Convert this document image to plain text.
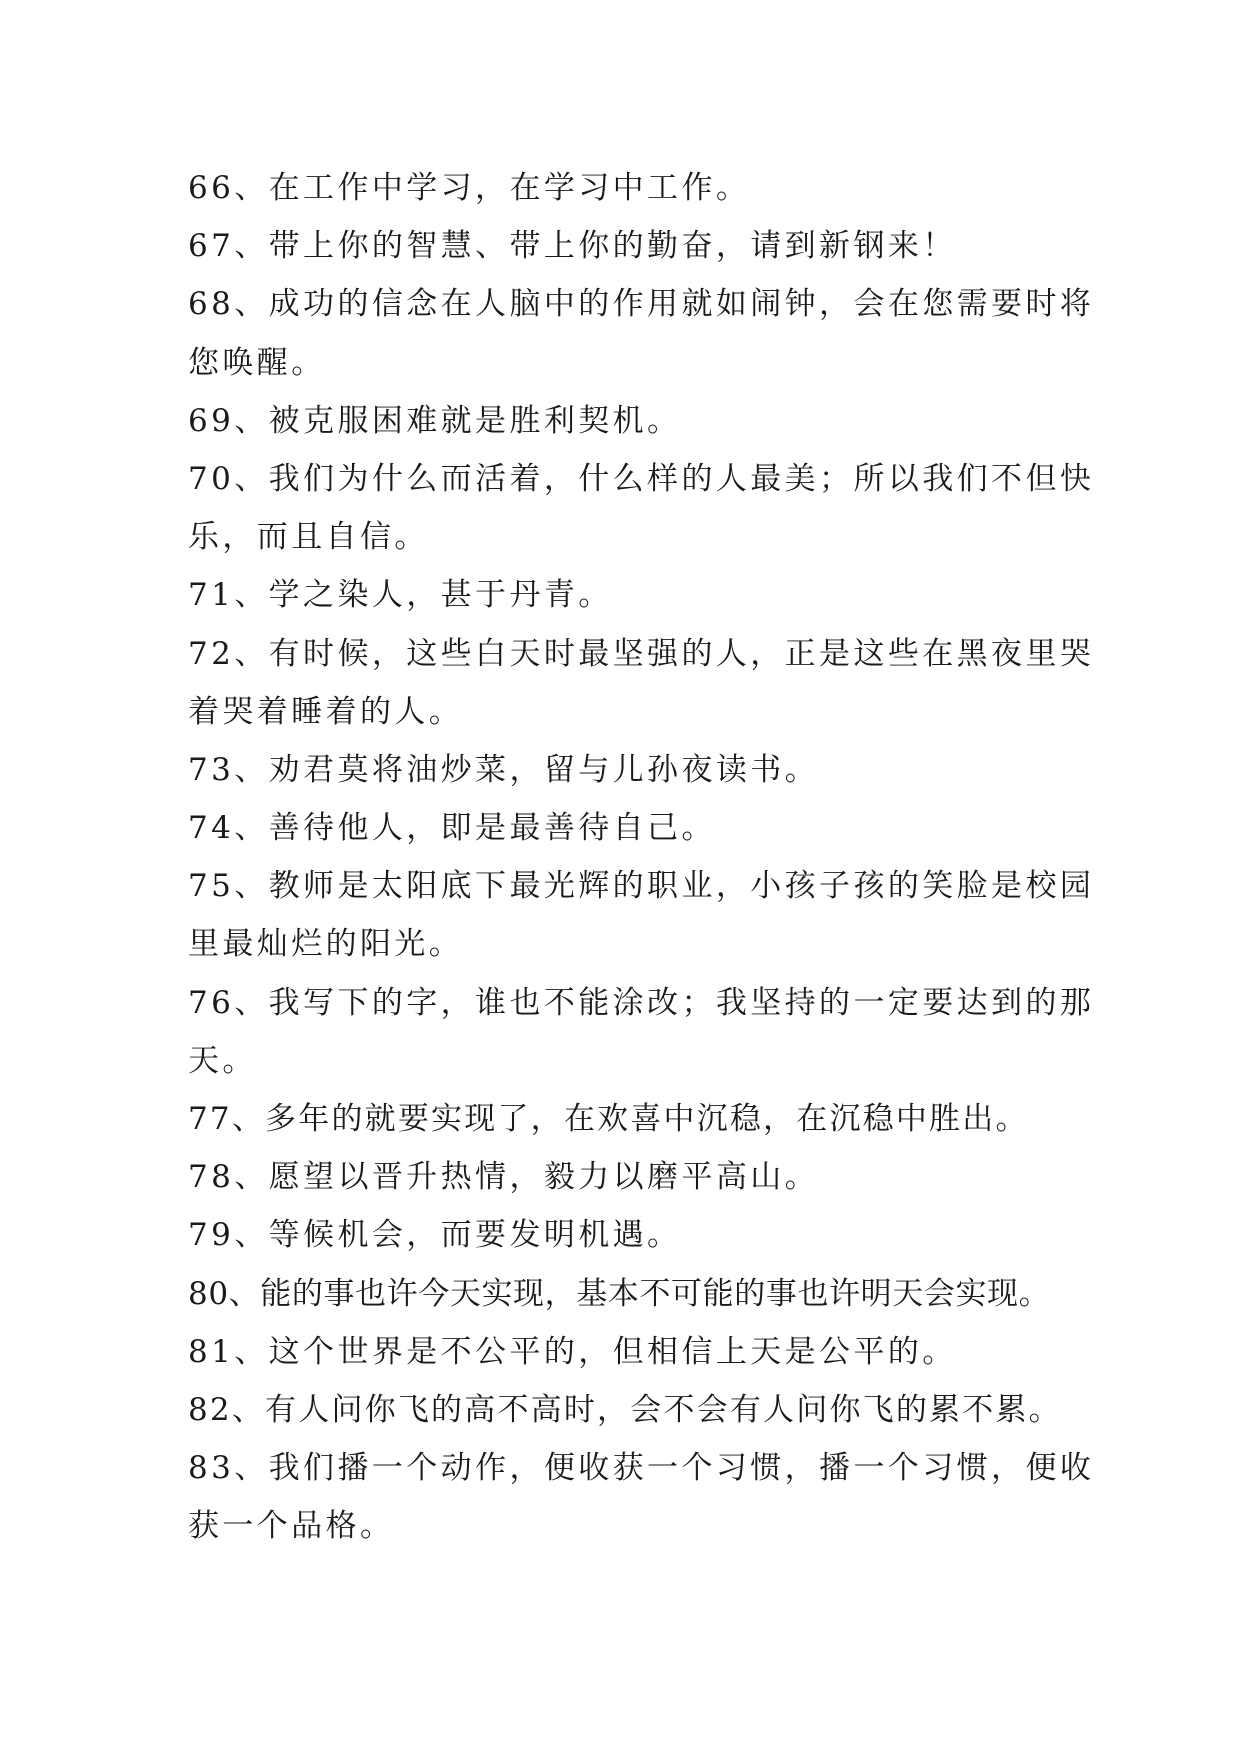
66、在工作中学习，在学习中工作。
67、带上你的智慧、带上你的勤奋，请到新钢来！
68、成功的信念在人脑中的作用就如闹钟，会在您需要时将
您唤醒。
69、被克服困难就是胜利契机。
70、我们为什么而活着，什么样的人最美；所以我们不但快
乐，而且自信。
71、学之染人，甚于丹青。
72、有时候，这些白天时最坚强的人，正是这些在黑夜里哭
着哭着睡着的人。
73、劝君莫将油炒菜，留与儿孙夜读书。
74、善待他人，即是最善待自己。
75、教师是太阳底下最光辉的职业，小孩子孩的笑脸是校园
里最灿烂的阳光。
76、我写下的字，谁也不能涂改；我坚持的一定要达到的那
天。
77、多年的就要实现了，在欢喜中沉稳，在沉稳中胜出。
78、愿望以晋升热情，毅力以磨平高山。
79、等候机会，而要发明机遇。
80、能的事也许今天实现，基本不可能的事也许明天会实现。
81、这个世界是不公平的，但相信上天是公平的。
82、有人问你飞的高不高时，会不会有人问你飞的累不累。
83、我们播一个动作，便收获一个习惯，播一个习惯，便收
获一个品格。
